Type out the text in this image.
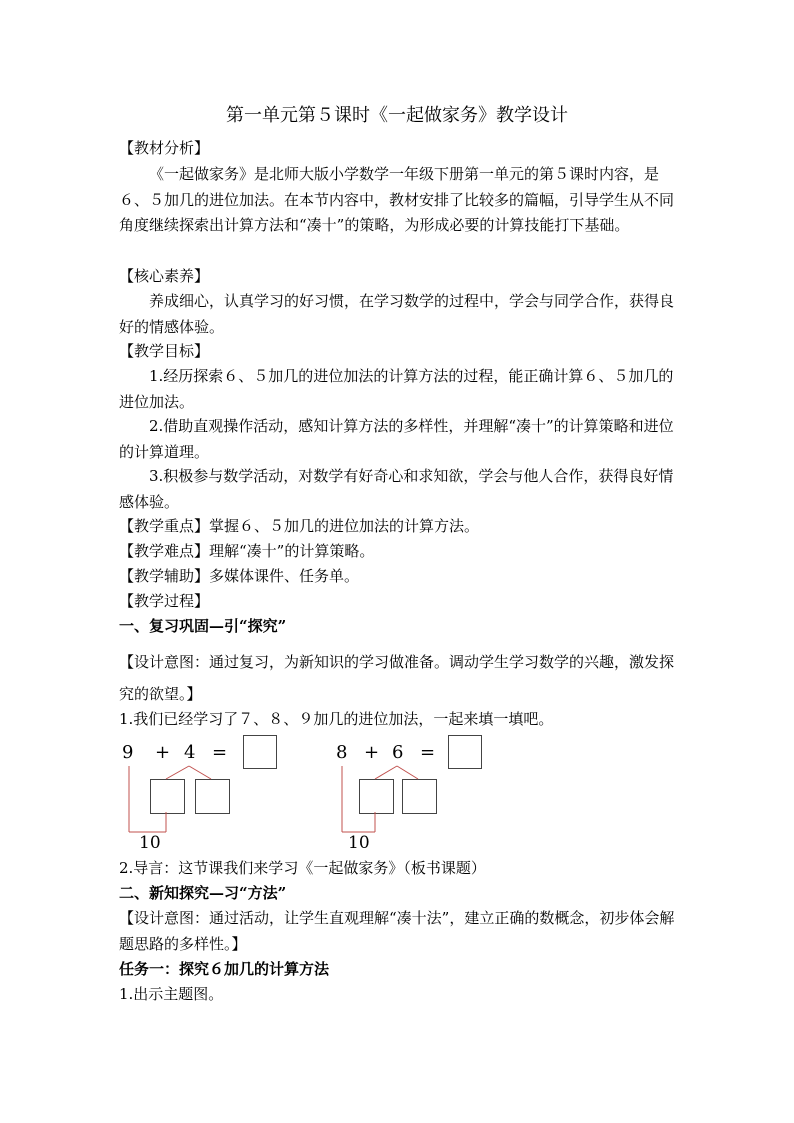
第一单元第５课时《一起做家务》教学设计

【教材分析】

《一起做家务》是北师大版小学数学一年级下册第一单元的第５课时内容，是６、５加几的进位加法。在本节内容中，教材安排了比较多的篇幅，引导学生从不同角度继续探索出计算方法和“凑十”的策略，为形成必要的计算技能打下基础。

【核心素养】

养成细心，认真学习的好习惯，在学习数学的过程中，学会与同学合作，获得良好的情感体验。

【教学目标】

1.经历探索６、５加几的进位加法的计算方法的过程，能正确计算６、５加几的进位加法。

2.借助直观操作活动，感知计算方法的多样性，并理解“凑十”的计算策略和进位的计算道理。

3.积极参与数学活动，对数学有好奇心和求知欲，学会与他人合作，获得良好情感体验。

【教学重点】掌握６、５加几的进位加法的计算方法。

【教学难点】理解“凑十”的计算策略。

【教学辅助】多媒体课件、任务单。

【教学过程】

一、复习巩固—引“探究”

【设计意图：通过复习，为新知识的学习做准备。调动学生学习数学的兴趣，激发探究的欲望。】

1.我们已经学习了７、８、９加几的进位加法，一起来填一填吧。

9 + 4 =
10
8 + 6 =
10

2.导言：这节课我们来学习《一起做家务》（板书课题）

二、新知探究—习“方法”

【设计意图：通过活动，让学生直观理解“凑十法”，建立正确的数概念，初步体会解题思路的多样性。】

任务一：探究６加几的计算方法

1.出示主题图。
